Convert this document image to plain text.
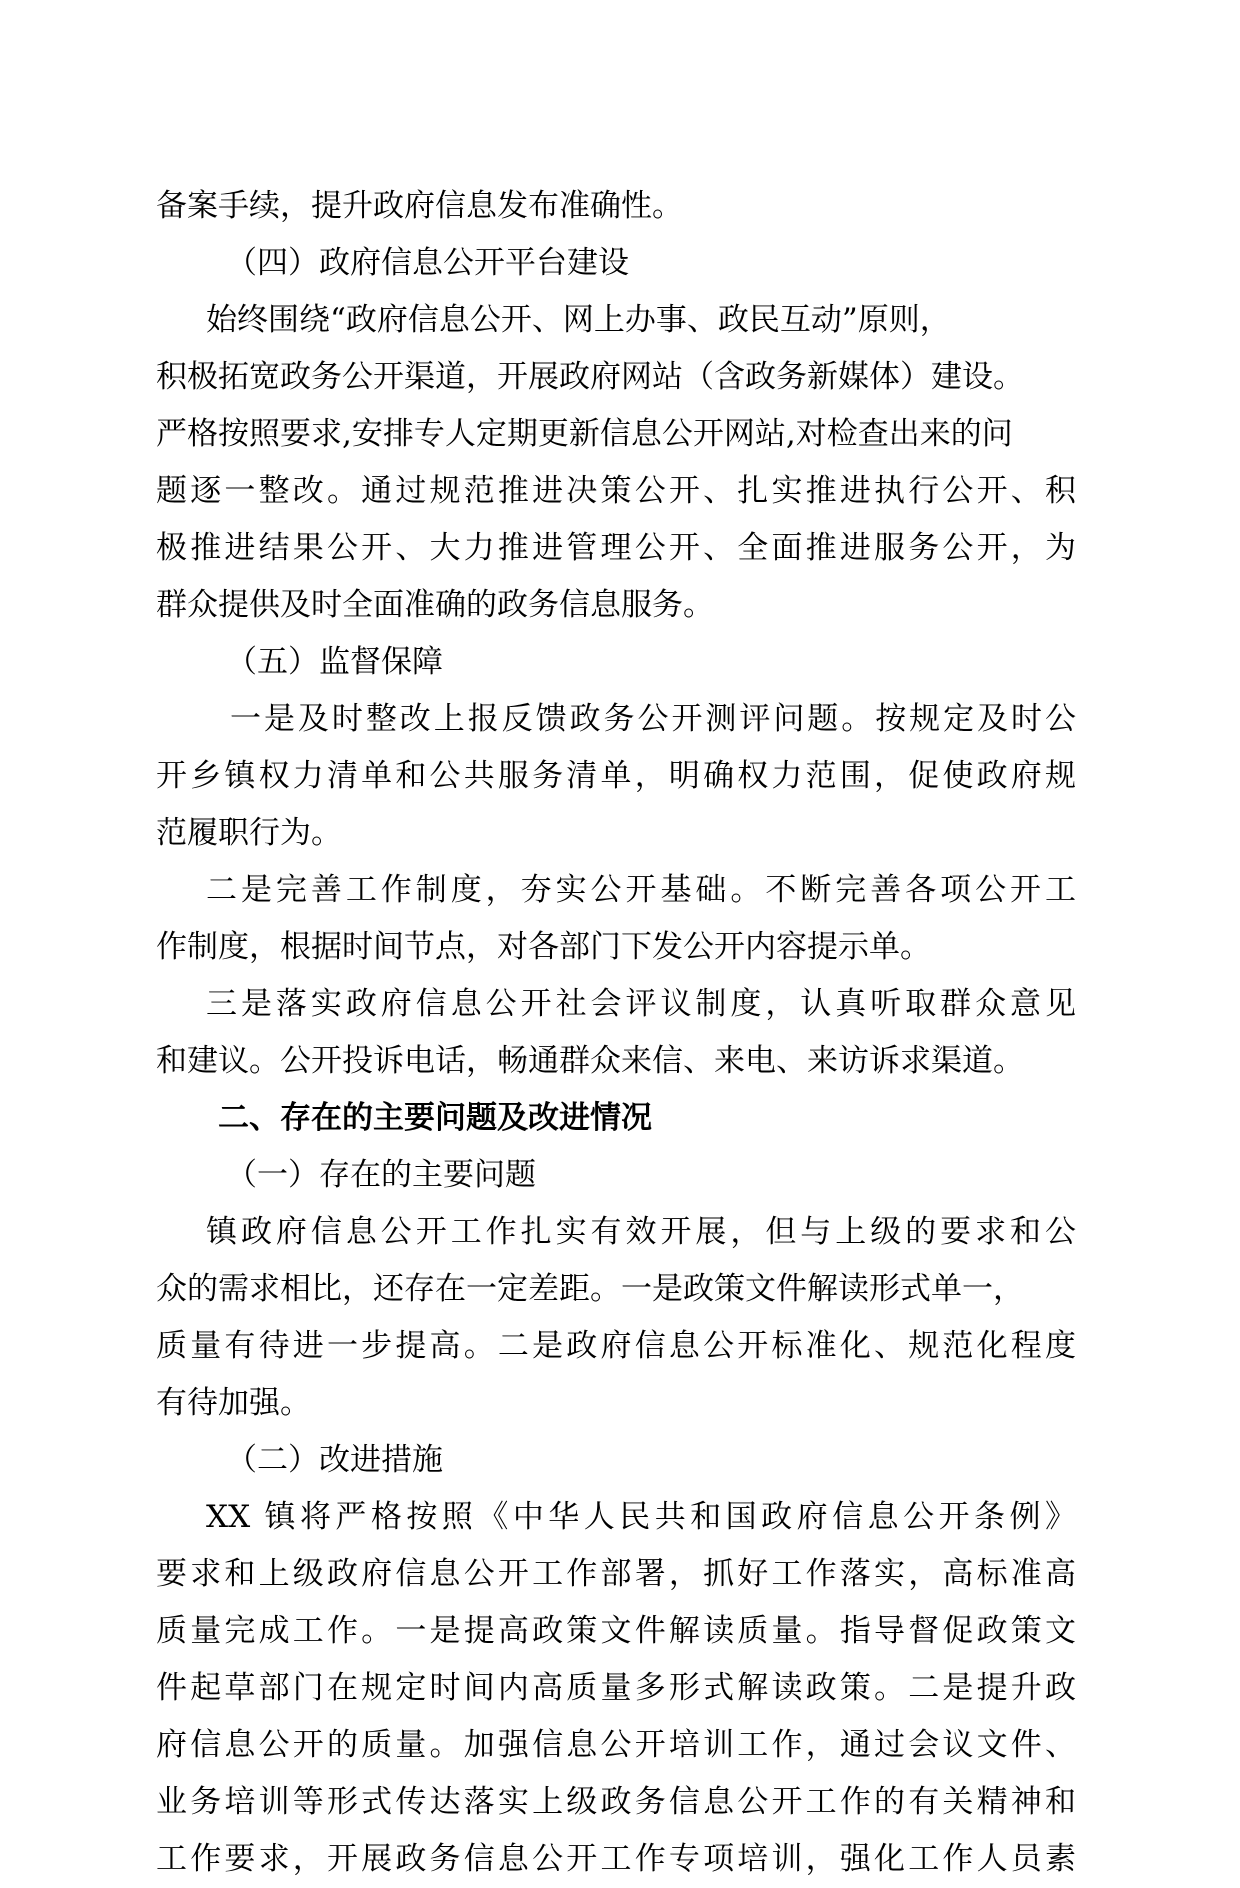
备案手续，提升政府信息发布准确性。
（四）政府信息公开平台建设
始终围绕“政府信息公开、网上办事、政民互动”原则，
积极拓宽政务公开渠道，开展政府网站（含政务新媒体）建设。
严格按照要求,安排专人定期更新信息公开网站,对检查出来的问
题逐一整改。通过规范推进决策公开、扎实推进执行公开、积
极推进结果公开、大力推进管理公开、全面推进服务公开，为
群众提供及时全面准确的政务信息服务。
（五）监督保障
一是及时整改上报反馈政务公开测评问题。按规定及时公
开乡镇权力清单和公共服务清单，明确权力范围，促使政府规
范履职行为。
二是完善工作制度，夯实公开基础。不断完善各项公开工
作制度，根据时间节点，对各部门下发公开内容提示单。
三是落实政府信息公开社会评议制度，认真听取群众意见
和建议。公开投诉电话，畅通群众来信、来电、来访诉求渠道。
二、存在的主要问题及改进情况
（一）存在的主要问题
镇政府信息公开工作扎实有效开展，但与上级的要求和公
众的需求相比，还存在一定差距。一是政策文件解读形式单一，
质量有待进一步提高。二是政府信息公开标准化、规范化程度
有待加强。
（二）改进措施
XX 镇将严格按照《中华人民共和国政府信息公开条例》
要求和上级政府信息公开工作部署，抓好工作落实，高标准高
质量完成工作。一是提高政策文件解读质量。指导督促政策文
件起草部门在规定时间内高质量多形式解读政策。二是提升政
府信息公开的质量。加强信息公开培训工作，通过会议文件、
业务培训等形式传达落实上级政务信息公开工作的有关精神和
工作要求，开展政务信息公开工作专项培训，强化工作人员素
